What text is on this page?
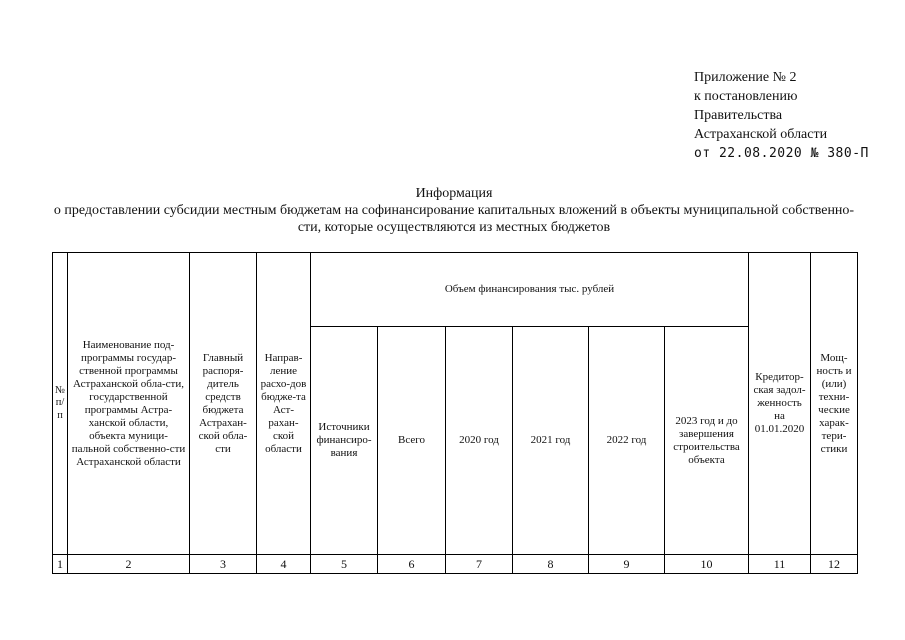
Приложение № 2
к постановлению
Правительства
Астраханской области
от 22.08.2020 № 380-П
Информация
о предоставлении субсидии местным бюджетам на софинансирование капитальных вложений в объекты муниципальной собственно-
сти, которые осуществляются из местных бюджетов
№ п/п	Наименование под-программы государ-ственной программы Астраханской обла-сти, государственной программы Астра-ханской области, объекта муници-пальной собственно-сти Астраханской области	Главный распоря-дитель средств бюджета Астрахан-ской обла-сти	Направ-ление расхо-дов бюдже-та Аст-рахан-ской области	Объем финансирования тыс. рублей						Кредитор-ская задол-женность на 01.01.2020	Мощ-ность и (или) техни-ческие харак-тери-стики
				Источники финансиро-вания	Всего	2020 год	2021 год	2022 год	2023 год и до завершения строительства объекта		
1	2	3	4	5	6	7	8	9	10	11	12
